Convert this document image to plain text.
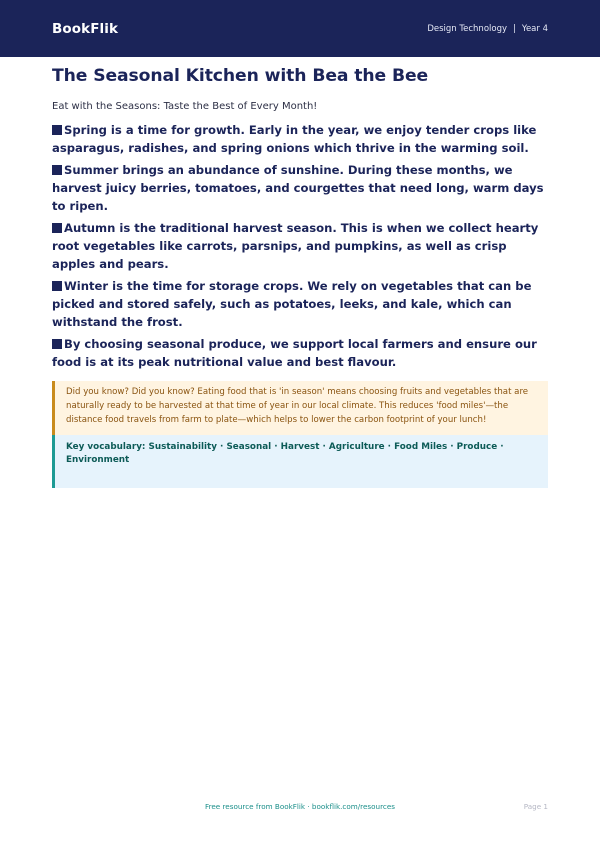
BookFlik	Design Technology | Year 4
The Seasonal Kitchen with Bea the Bee

Eat with the Seasons: Taste the Best of Every Month!

Spring is a time for growth. Early in the year, we enjoy tender crops like asparagus, radishes, and spring onions which thrive in the warming soil.
Summer brings an abundance of sunshine. During these months, we harvest juicy berries, tomatoes, and courgettes that need long, warm days to ripen.
Autumn is the traditional harvest season. This is when we collect hearty root vegetables like carrots, parsnips, and pumpkins, as well as crisp apples and pears.
Winter is the time for storage crops. We rely on vegetables that can be picked and stored safely, such as potatoes, leeks, and kale, which can withstand the frost.
By choosing seasonal produce, we support local farmers and ensure our food is at its peak nutritional value and best flavour.

Did you know? Did you know? Eating food that is 'in season' means choosing fruits and vegetables that are naturally ready to be harvested at that time of year in our local climate. This reduces 'food miles'—the distance food travels from farm to plate—which helps to lower the carbon footprint of your lunch!

Key vocabulary: Sustainability · Seasonal · Harvest · Agriculture · Food Miles · Produce · Environment

Free resource from BookFlik · bookflik.com/resources	Page 1
